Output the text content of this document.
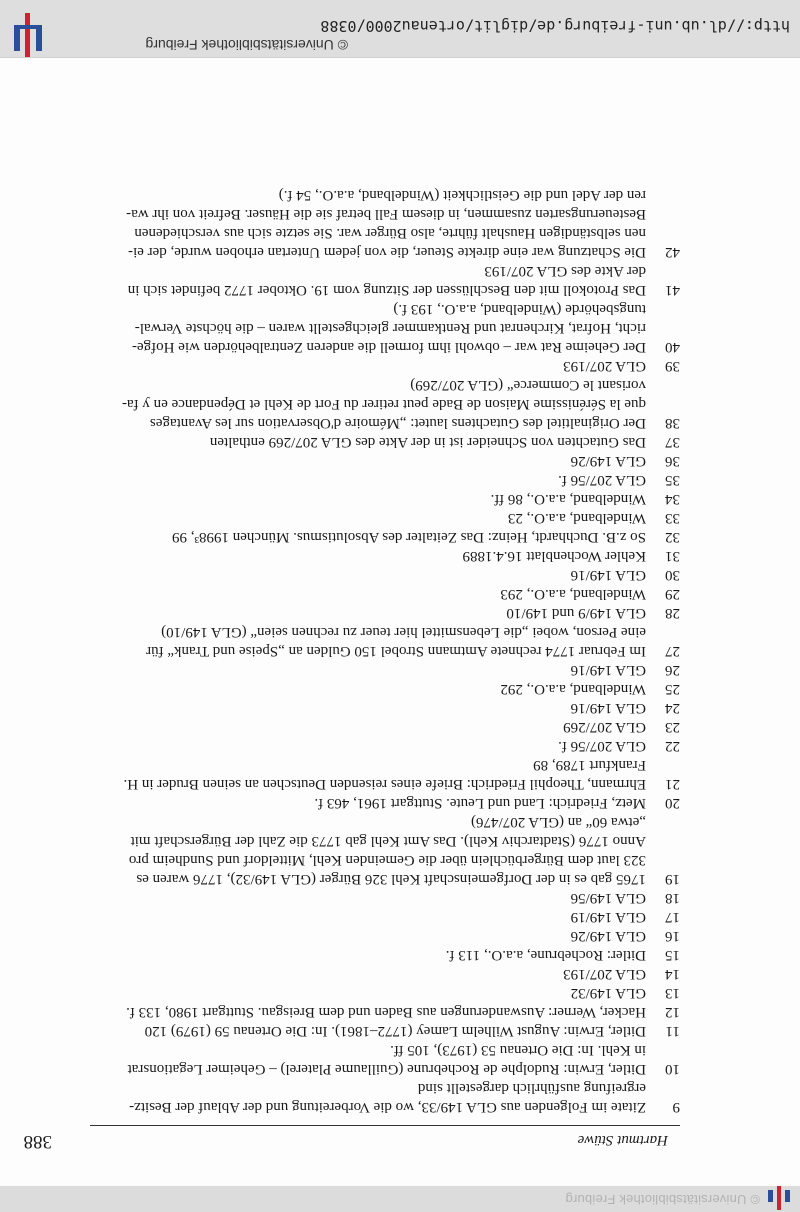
© Universitätsbibliothek Freiburg
Hartmut Stüwe
388
9
Zitate im Folgenden aus GLA 149/33, wo die Vorbereitung und der Ablauf der Besitz-
ergreifung ausführlich dargestellt sind
10
Ditler, Erwin: Rudolphe de Rochebrune (Guillaume Platerel) – Geheimer Legationsrat
in Kehl. In: Die Ortenau 53 (1973), 105 ff.
11
Ditler, Erwin: August Wilhelm Lamey (1772–1861). In: Die Ortenau 59 (1979) 120
12
Hacker, Werner: Auswanderungen aus Baden und dem Breisgau. Stuttgart 1980, 133 f.
13
GLA 149/32
14
GLA 207/193
15
Ditler: Rochebrune, a.a.O., 113 f.
16
GLA 149/26
17
GLA 149/19
18
GLA 149/56
19
1765 gab es in der Dorfgemeinschaft Kehl 326 Bürger (GLA 149/32), 1776 waren es
323 laut dem Bürgerbüchlein über die Gemeinden Kehl, Mitteldorf und Sundheim pro
Anno 1776 (Stadtarchiv Kehl). Das Amt Kehl gab 1773 die Zahl der Bürgerschaft mit
„etwa 60“ an (GLA 207/476)
20
Metz, Friedrich: Land und Leute. Stuttgart 1961, 463 f.
21
Ehrmann, Theophil Friedrich: Briefe eines reisenden Deutschen an seinen Bruder in H.
Frankfurt 1789, 89
22
GLA 207/56 f.
23
GLA 207/269
24
GLA 149/16
25
Windelband, a.a.O., 292
26
GLA 149/16
27
Im Februar 1774 rechnete Amtmann Strobel 150 Gulden an „Speise und Trank“ für
eine Person, wobei „die Lebensmittel hier teuer zu rechnen seien“ (GLA 149/10)
28
GLA 149/9 und 149/10
29
Windelband, a.a.O., 293
30
GLA 149/16
31
Kehler Wochenblatt 16.4.1889
32
So z.B. Duchhardt, Heinz: Das Zeitalter des Absolutismus. München 1998³, 99
33
Windelband, a.a.O., 23
34
Windelband, a.a.O., 86 ff.
35
GLA 207/56 f.
36
GLA 149/26
37
Das Gutachten von Schneider ist in der Akte des GLA 207/269 enthalten
38
Der Originaltitel des Gutachtens lautet: „Mémoire d'Observation sur les Avantages
que la Sérénissime Maison de Bade peut retirer du Fort de Kehl et Dépendance en y fa-
vorisant le Commerce“ (GLA 207/269)
39
GLA 207/193
40
Der Geheime Rat war – obwohl ihm formell die anderen Zentralbehörden wie Hofge-
richt, Hofrat, Kirchenrat und Rentkammer gleichgestellt waren – die höchste Verwal-
tungsbehörde (Windelband, a.a.O., 193 f.)
41
Das Protokoll mit den Beschlüssen der Sitzung vom 19. Oktober 1772 befindet sich in
der Akte des GLA 207/193
42
Die Schatzung war eine direkte Steuer, die von jedem Untertan erhoben wurde, der ei-
nen selbständigen Haushalt führte, also Bürger war. Sie setzte sich aus verschiedenen
Besteuerungsarten zusammen, in diesem Fall betraf sie die Häuser. Befreit von ihr wa-
ren der Adel und die Geistlichkeit (Windelband, a.a.O., 54 f.)
© Universitätsbibliothek Freiburg
http://dl.ub.uni-freiburg.de/diglit/ortenau2000/0388
